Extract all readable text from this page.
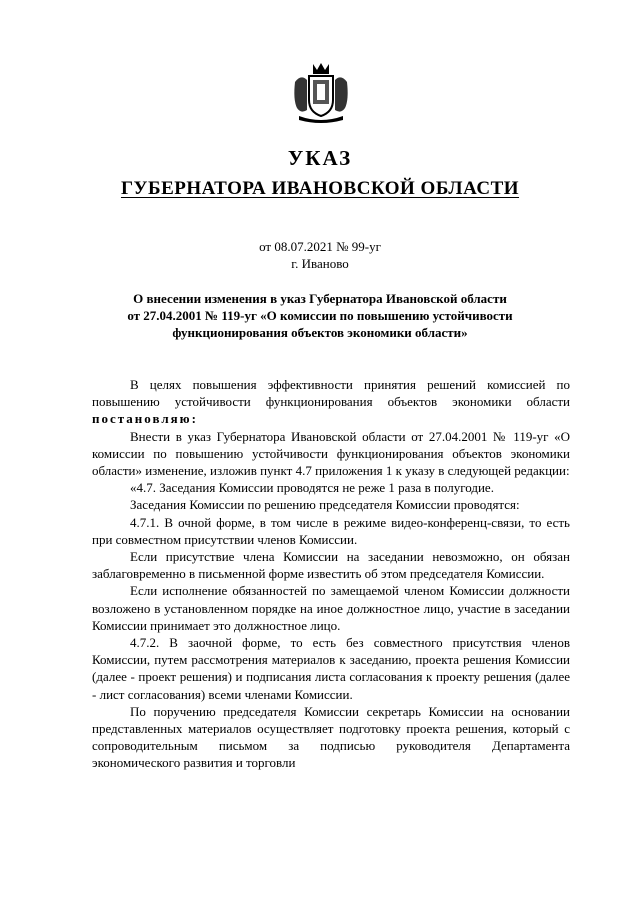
УКАЗ
ГУБЕРНАТОРА ИВАНОВСКОЙ ОБЛАСТИ
от 08.07.2021 № 99-уг
г. Иваново
О внесении изменения в указ Губернатора Ивановской области
от 27.04.2001 № 119-уг «О комиссии по повышению устойчивости
функционирования объектов экономики области»

В целях повышения эффективности принятия решений комиссией по повышению устойчивости функционирования объектов экономики области постановляю:

Внести в указ Губернатора Ивановской области от 27.04.2001 № 119-уг «О комиссии по повышению устойчивости функционирования объектов экономики области» изменение, изложив пункт 4.7 приложения 1 к указу в следующей редакции:

«4.7. Заседания Комиссии проводятся не реже 1 раза в полугодие.

Заседания Комиссии по решению председателя Комиссии проводятся:

4.7.1. В очной форме, в том числе в режиме видео-конференц-связи, то есть при совместном присутствии членов Комиссии.

Если присутствие члена Комиссии на заседании невозможно, он обязан заблаговременно в письменной форме известить об этом председателя Комиссии.

Если исполнение обязанностей по замещаемой членом Комиссии должности возложено в установленном порядке на иное должностное лицо, участие в заседании Комиссии принимает это должностное лицо.

4.7.2. В заочной форме, то есть без совместного присутствия членов Комиссии, путем рассмотрения материалов к заседанию, проекта решения Комиссии (далее - проект решения) и подписания листа согласования к проекту решения (далее - лист согласования) всеми членами Комиссии.

По поручению председателя Комиссии секретарь Комиссии на основании представленных материалов осуществляет подготовку проекта решения, который с сопроводительным письмом за подписью руководителя Департамента экономического развития и торговли
